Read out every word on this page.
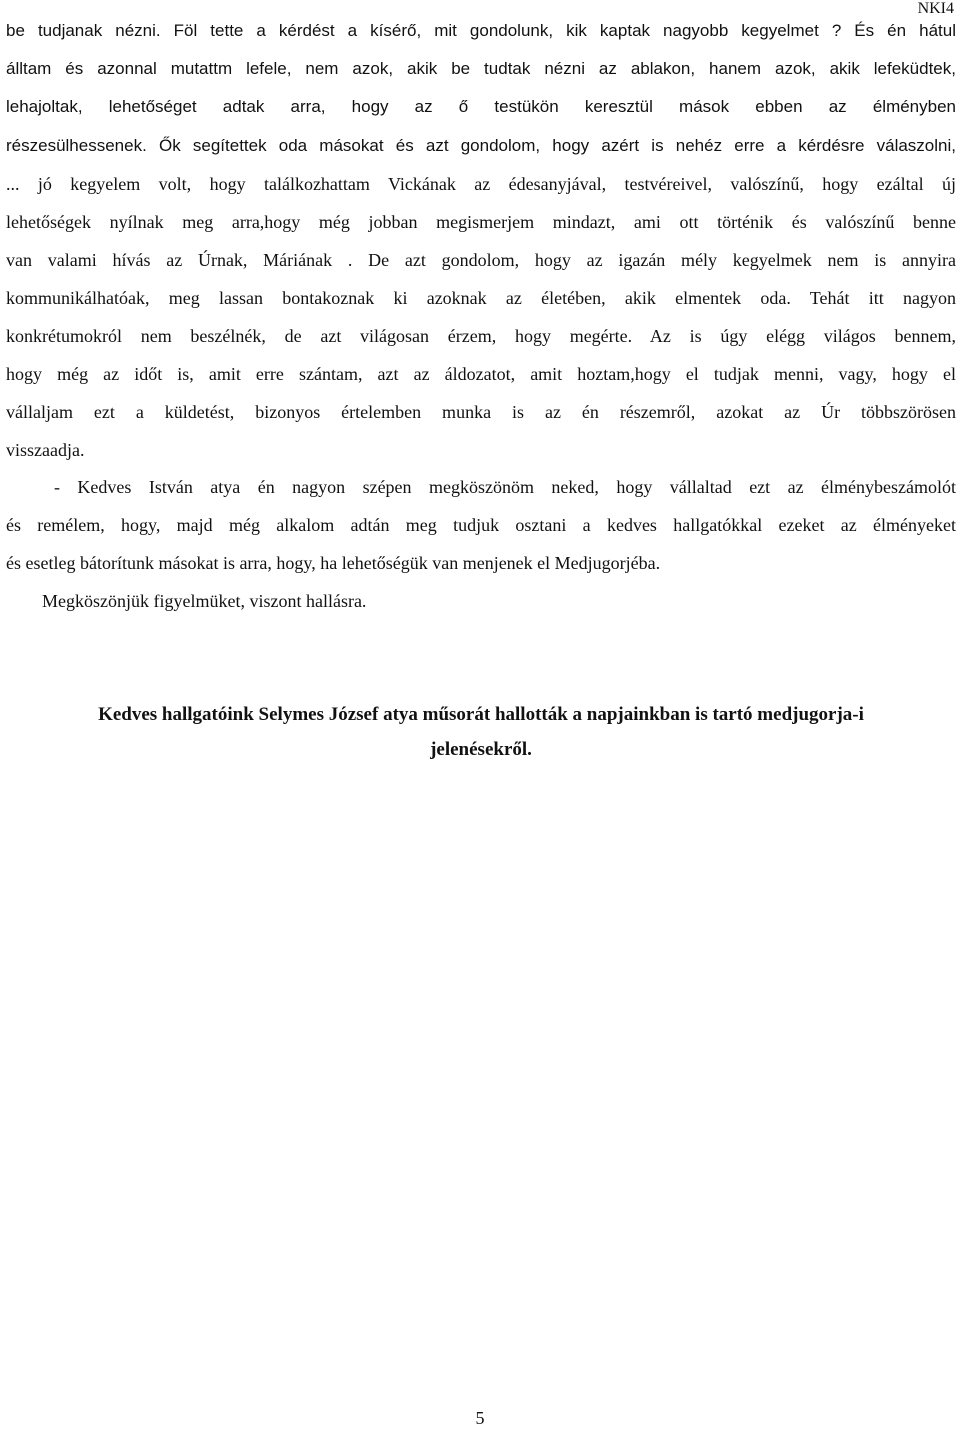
NKI4
be tudjanak nézni. Föl tette a kérdést a kísérő, mit gondolunk, kik kaptak nagyobb kegyelmet ? És én hátul
álltam és azonnal mutattm lefele, nem azok, akik be tudtak nézni az ablakon, hanem azok, akik lefeküdtek,
lehajoltak, lehetőséget adtak arra, hogy az ő testükön keresztül mások ebben az élményben
részesülhessenek. Ők segítettek oda másokat és azt gondolom, hogy azért is nehéz erre a kérdésre válaszolni,
... jó kegyelem volt, hogy találkozhattam Vickának az édesanyjával, testvéreivel, valószínű, hogy ezáltal új
lehetőségek nyílnak meg arra,hogy még jobban megismerjem mindazt, ami ott történik és valószínű benne
van valami hívás az Úrnak, Máriának . De azt gondolom, hogy az igazán mély kegyelmek nem is annyira
kommunikálhatóak, meg lassan bontakoznak ki azoknak az életében, akik elmentek oda. Tehát itt nagyon
konkrétumokról nem beszélnék, de azt világosan érzem, hogy megérte. Az is úgy elégg világos bennem,
hogy még az időt is, amit erre szántam, azt az áldozatot, amit hoztam,hogy el tudjak menni, vagy, hogy el
vállaljam ezt a küldetést, bizonyos értelemben munka is az én részemről, azokat az Úr többszörösen
visszaadja.
- Kedves István atya én nagyon szépen megköszönöm neked, hogy vállaltad ezt az élménybeszámolót
és remélem, hogy, majd még alkalom adtán meg tudjuk osztani a kedves hallgatókkal ezeket az élményeket
és esetleg bátorítunk másokat is arra, hogy, ha lehetőségük van menjenek el Medjugorjéba.
Megköszönjük figyelmüket, viszont hallásra.
Kedves hallgatóink Selymes József atya műsorát hallották a napjainkban is tartó medjugorja-i
jelenésekről.
5
